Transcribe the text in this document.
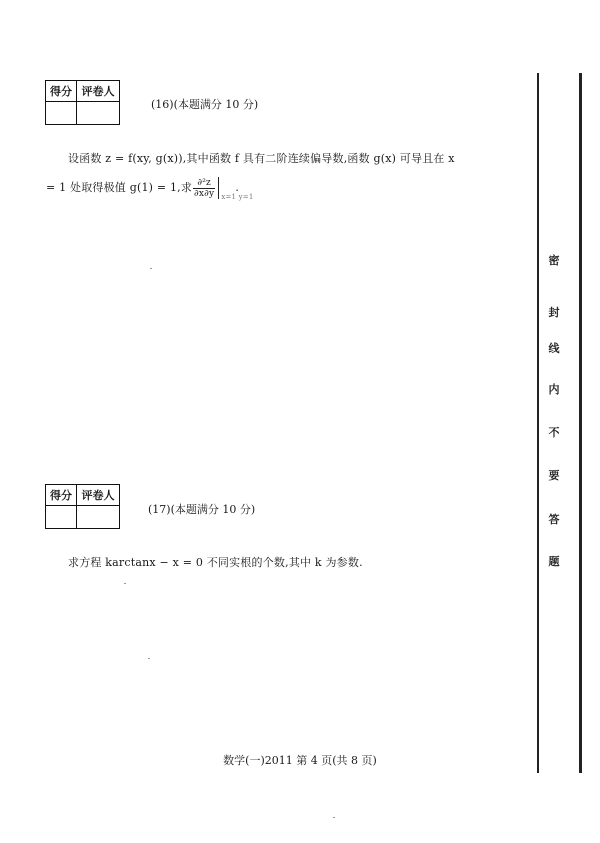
得分	评卷人

(16)(本题满分 10 分)
设函数 z = f(xy, g(x)),其中函数 f 具有二阶连续偏导数,函数 g(x) 可导且在 x
= 1 处取得极值 g(1) = 1,求 $\frac{\text{∂²z}}{\partial x\partial y} x=1$ y=1
.
得分	评卷人

(17)(本题满分 10 分)
求方程 karctanx − x = 0 不同实根的个数,其中 k 为参数.
数学(一)2011 第 4 页(共 8 页)
密
封
线
内
不
要
答
题
